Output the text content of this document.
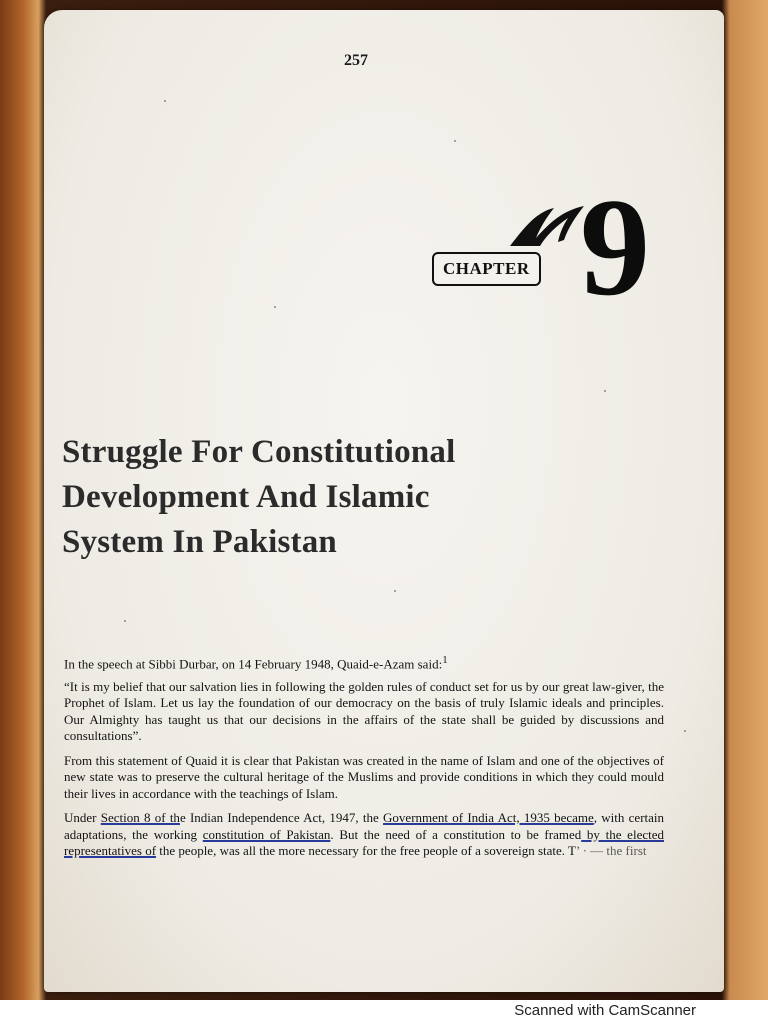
257
9
CHAPTER
Struggle For Constitutional
Development And Islamic
System In Pakistan

In the speech at Sibbi Durbar, on 14 February 1948, Quaid-e-Azam said:$^1$

“It is my belief that our salvation lies in following the golden rules of conduct set for us by our great law-giver, the Prophet of Islam. Let us lay the foundation of our democracy on the basis of truly Islamic ideals and principles. Our Almighty has taught us that our decisions in the affairs of the state shall be guided by discussions and consultations”.

From this statement of Quaid it is clear that Pakistan was created in the name of Islam and one of the objectives of new state was to preserve the cultural heritage of the Muslims and provide conditions in which they could mould their lives in accordance with the teachings of Islam.

Under Section 8 of the Indian Independence Act, 1947, the Government of India Act, 1935 became, with certain adaptations, the working constitution of Pakistan. But the need of a constitution to be framed by the elected representatives of the people, was all the more necessary for the free people of a sovereign state. T’ · — the first

Scanned with CamScanner
